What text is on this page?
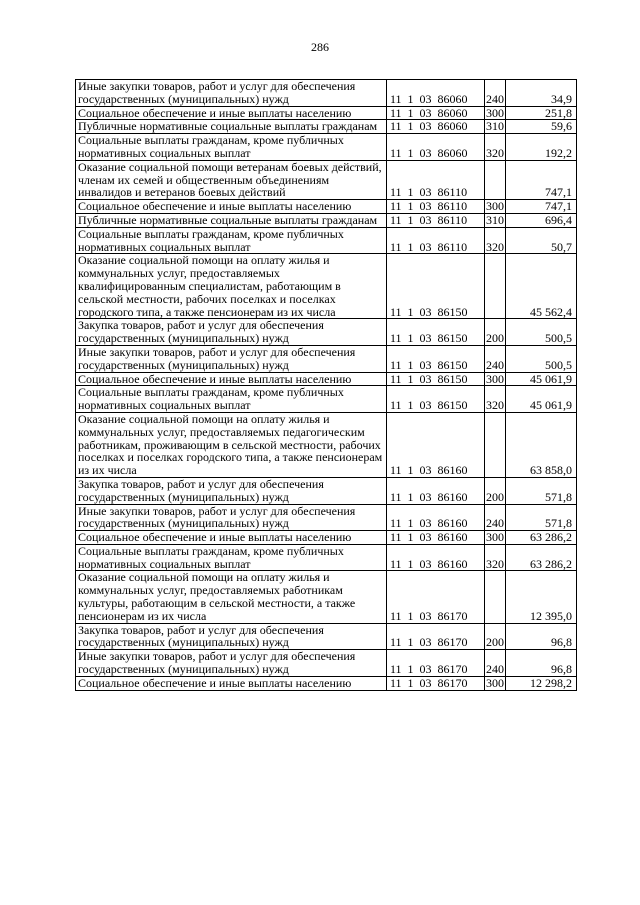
286
Иные закупки товаров, работ и услуг для обеспечения государственных (муниципальных) нужд	11  1  03  86060	240	34,9
Социальное обеспечение и иные выплаты населению	11  1  03  86060	300	251,8
Публичные нормативные социальные выплаты гражданам	11  1  03  86060	310	59,6
Социальные выплаты гражданам, кроме публичных нормативных социальных выплат	11  1  03  86060	320	192,2
Оказание социальной помощи ветеранам боевых действий, членам их семей и общественным объединениям инвалидов и ветеранов боевых действий	11  1  03  86110		747,1
Социальное обеспечение и иные выплаты населению	11  1  03  86110	300	747,1
Публичные нормативные социальные выплаты гражданам	11  1  03  86110	310	696,4
Социальные выплаты гражданам, кроме публичных нормативных социальных выплат	11  1  03  86110	320	50,7
Оказание социальной помощи на оплату жилья и коммунальных услуг, предоставляемых квалифицированным специалистам, работающим в сельской местности, рабочих поселках и поселках городского типа, а также пенсионерам из их числа	11  1  03  86150		45 562,4
Закупка товаров, работ и услуг для обеспечения государственных (муниципальных) нужд	11  1  03  86150	200	500,5
Иные закупки товаров, работ и услуг для обеспечения государственных (муниципальных) нужд	11  1  03  86150	240	500,5
Социальное обеспечение и иные выплаты населению	11  1  03  86150	300	45 061,9
Социальные выплаты гражданам, кроме публичных нормативных социальных выплат	11  1  03  86150	320	45 061,9
Оказание социальной помощи на оплату жилья и коммунальных услуг, предоставляемых педагогическим работникам, проживающим в сельской местности, рабочих поселках и поселках городского типа, а также пенсионерам из их числа	11  1  03  86160		63 858,0
Закупка товаров, работ и услуг для обеспечения государственных (муниципальных) нужд	11  1  03  86160	200	571,8
Иные закупки товаров, работ и услуг для обеспечения государственных (муниципальных) нужд	11  1  03  86160	240	571,8
Социальное обеспечение и иные выплаты населению	11  1  03  86160	300	63 286,2
Социальные выплаты гражданам, кроме публичных нормативных социальных выплат	11  1  03  86160	320	63 286,2
Оказание социальной помощи на оплату жилья и коммунальных услуг, предоставляемых работникам культуры, работающим в сельской местности, а также пенсионерам из их числа	11  1  03  86170		12 395,0
Закупка товаров, работ и услуг для обеспечения государственных (муниципальных) нужд	11  1  03  86170	200	96,8
Иные закупки товаров, работ и услуг для обеспечения государственных (муниципальных) нужд	11  1  03  86170	240	96,8
Социальное обеспечение и иные выплаты населению	11  1  03  86170	300	12 298,2
